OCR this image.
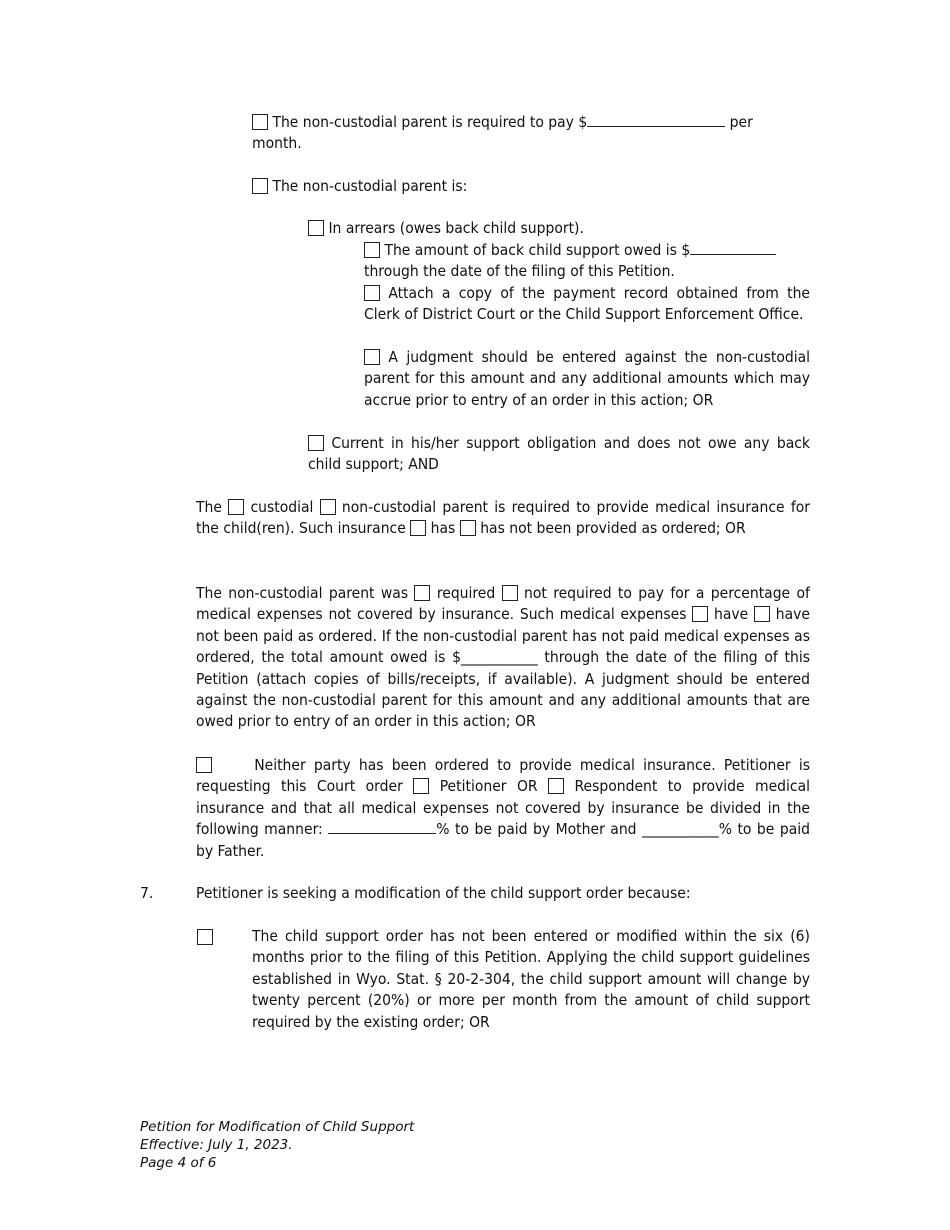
The non-custodial parent is required to pay $	per
month.
The non-custodial parent is:
In arrears (owes back child support).
The amount of back child support owed is $
through the date of the filing of this Petition.
Attach a copy of the payment record obtained from the Clerk of District Court or the Child Support Enforcement Office.
A judgment should be entered against the non-custodial parent for this amount and any additional amounts which may accrue prior to entry of an order in this action; OR
Current in his/her support obligation and does not owe any back child support; AND
The custodial non-custodial parent is required to provide medical insurance for the child(ren). Such insurance has has not been provided as ordered; OR
The non-custodial parent was required not required to pay for a percentage of medical expenses not covered by insurance. Such medical expenses have have not been paid as ordered. If the non-custodial parent has not paid medical expenses as ordered, the total amount owed is $___________ through the date of the filing of this Petition (attach copies of bills/receipts, if available). A judgment should be entered against the non-custodial parent for this amount and any additional amounts that are owed prior to entry of an order in this action; OR
Neither party has been ordered to provide medical insurance. Petitioner is requesting this Court order Petitioner OR Respondent to provide medical insurance and that all medical expenses not covered by insurance be divided in the following manner:	% to be paid by Mother and ___________% to be paid by Father.
7.	Petitioner is seeking a modification of the child support order because:
The child support order has not been entered or modified within the six (6) months prior to the filing of this Petition. Applying the child support guidelines established in Wyo. Stat. § 20-2-304, the child support amount will change by twenty percent (20%) or more per month from the amount of child support required by the existing order; OR
Petition for Modification of Child Support
Effective: July 1, 2023.
Page 4 of 6
